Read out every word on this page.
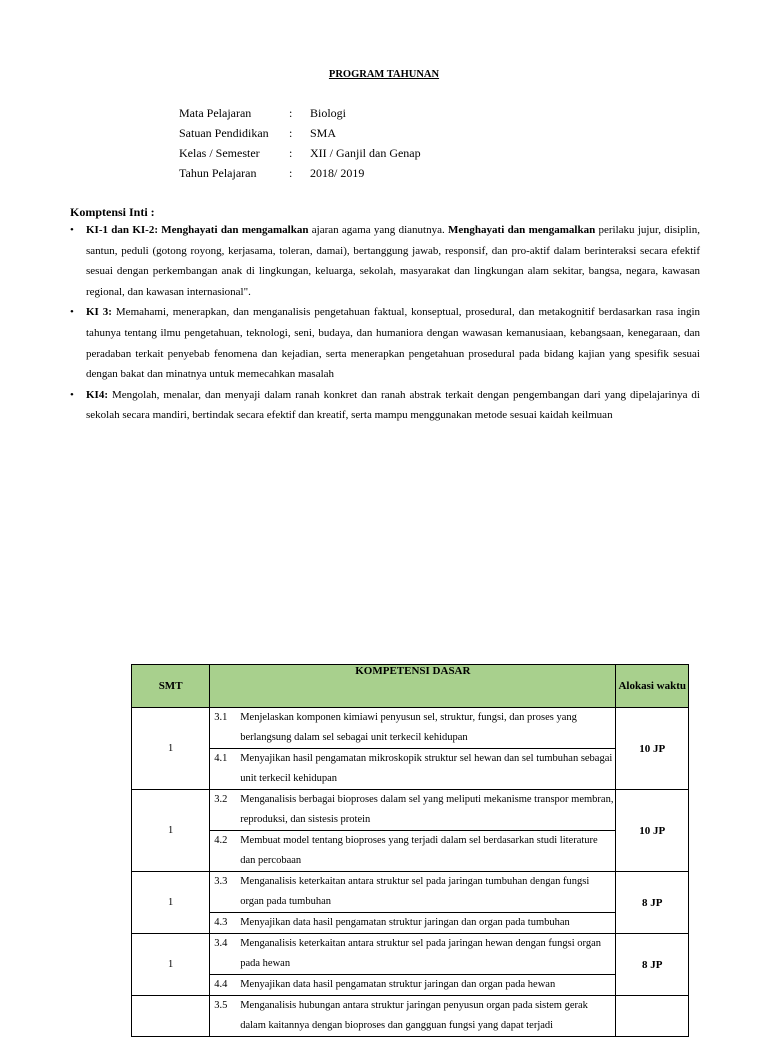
PROGRAM TAHUNAN
Mata Pelajaran	: Biologi
Satuan Pendidikan : SMA
Kelas / Semester : XII / Ganjil dan Genap
Tahun Pelajaran	: 2018/ 2019
Komptensi Inti :
• KI-1 dan KI-2: Menghayati dan mengamalkan ajaran agama yang dianutnya. Menghayati dan mengamalkan perilaku jujur, disiplin, santun, peduli (gotong royong, kerjasama, toleran, damai), bertanggung jawab, responsif, dan pro-aktif dalam berinteraksi secara efektif sesuai dengan perkembangan anak di lingkungan, keluarga, sekolah, masyarakat dan lingkungan alam sekitar, bangsa, negara, kawasan regional, dan kawasan internasional".
• KI 3: Memahami, menerapkan, dan menganalisis pengetahuan faktual, konseptual, prosedural, dan metakognitif berdasarkan rasa ingin tahunya tentang ilmu pengetahuan, teknologi, seni, budaya, dan humaniora dengan wawasan kemanusiaan, kebangsaan, kenegaraan, dan peradaban terkait penyebab fenomena dan kejadian, serta menerapkan pengetahuan prosedural pada bidang kajian yang spesifik sesuai dengan bakat dan minatnya untuk memecahkan masalah
• KI4: Mengolah, menalar, dan menyaji dalam ranah konkret dan ranah abstrak terkait dengan pengembangan dari yang dipelajarinya di sekolah secara mandiri, bertindak secara efektif dan kreatif, serta mampu menggunakan metode sesuai kaidah keilmuan
SMT	KOMPETENSI DASAR	Alokasi waktu
1	3.1 Menjelaskan komponen kimiawi penyusun sel, struktur, fungsi, dan proses yang berlangsung dalam sel sebagai unit terkecil kehidupan
4.1 Menyajikan hasil pengamatan mikroskopik struktur sel hewan dan sel tumbuhan sebagai unit terkecil kehidupan	10 JP
1	3.2 Menganalisis berbagai bioproses dalam sel yang meliputi mekanisme transpor membran, reproduksi, dan sistesis protein
4.2 Membuat model tentang bioproses yang terjadi dalam sel berdasarkan studi literature dan percobaan	10 JP
1	3.3 Menganalisis keterkaitan antara struktur sel pada jaringan tumbuhan dengan fungsi organ pada tumbuhan
4.3 Menyajikan data hasil pengamatan struktur jaringan dan organ pada tumbuhan	8 JP
1	3.4 Menganalisis keterkaitan antara struktur sel pada jaringan hewan dengan fungsi organ pada hewan
4.4 Menyajikan data hasil pengamatan struktur jaringan dan organ pada hewan	8 JP

	3.5 Menganalisis hubungan antara struktur jaringan penyusun organ pada sistem gerak dalam kaitannya dengan bioproses dan gangguan fungsi yang dapat terjadi	
